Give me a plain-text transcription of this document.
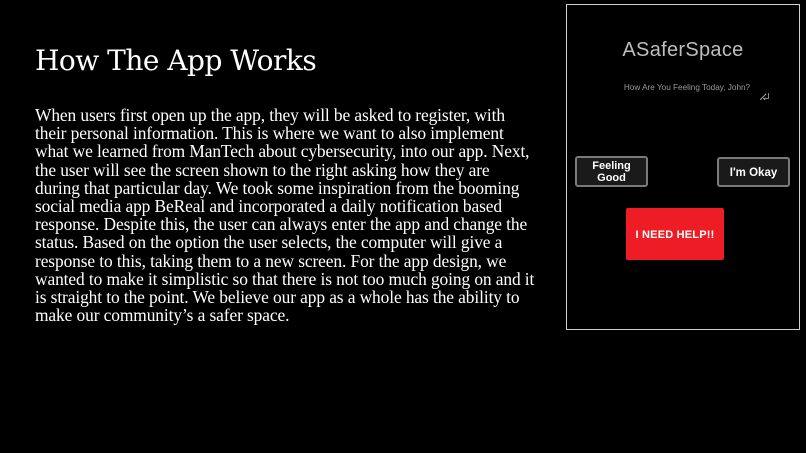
How The App Works

When users first open up the app, they will be asked to register, with their personal information. This is where we want to also implement what we learned from ManTech about cybersecurity, into our app. Next, the user will see the screen shown to the right asking how they are during that particular day. We took some inspiration from the booming social media app BeReal and incorporated a daily notification based response. Despite this, the user can always enter the app and change the status. Based on the option the user selects, the computer will give a response to this, taking them to a new screen. For the app design, we wanted to make it simplistic so that there is not too much going on and it is straight to the point. We believe our app as a whole has the ability to make our community’s a safer space.

ASaferSpace
How Are You Feeling Today, John?
Feeling
Good	I'm Okay
I NEED HELP!!
